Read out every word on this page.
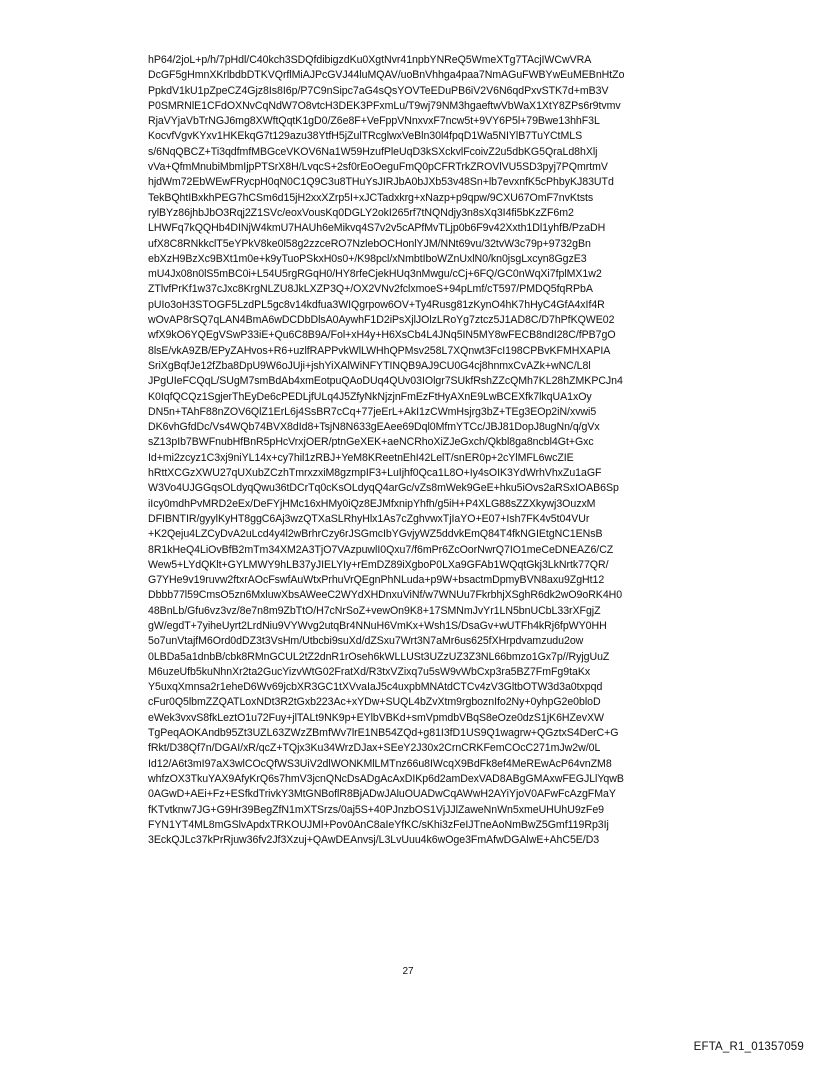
hP64/2joL+p/h/7pHdl/C40kch3SDQfdibigzdKu0XgtNvr41npbYNReQ5WmeXTg7TAcjIWCwVRA
DcGF5gHmnXKrlbdbDTKVQrflMiAJPcGVJ44luMQAV/uoBnVhhga4paa7NmAGuFWBYwEuMEBnHtZo
PpkdV1kU1pZpeCZ4Gjz8Is8I6p/P7C9nSipc7aG4sQsYOVTeEDuPB6iV2V6N6qdPxvSTK7d+mB3V
P0SMRNlE1CFdOXNvCqNdW7O8vtcH3DEK3PFxmLu/T9wj79NM3hgaeftwVbWaX1XtY8ZPs6r9tvmv
RjaVYjaVbTrNGJ6mg8XWftQqtK1gD0/Z6e8F+VeFppVNnxvxF7ncw5t+9VY6P5l+79Bwe13hhF3L
KocvfVgvKYxv1HKEkqG7t129azu38YtfH5jZulTRcglwxVeBln30l4fpqD1Wa5NIYlB7TuYCtMLS
s/6NqQBCZ+Ti3qdfmfMBGceVKOV6Na1W59HzufPleUqD3kSXckvlFcoivZ2u5dbKG5QraLd8hXlj
vVa+QfmMnubiMbmIjpPTSrX8H/LvqcS+2sf0rEoOeguFmQ0pCFRTrkZROVlVU5SD3pyj7PQmrtmV
hjdWm72EbWEwFRycpH0qN0C1Q9C3u8THuYsJIRJbA0bJXb53v48Sn+lb7evxnfK5cPhbyKJ83UTd
TekBQhtIBxkhPEG7hCSm6d15jH2xxXZrp5I+xJCTadxkrg+xNazp+p9qpw/9CXU67OmF7nvKtsts
rylBYz86jhbJbO3Rqj2Z1SVc/eoxVousKq0DGLY2okI265rf7tNQNdjy3n8sXq3I4fi5bKzZF6m2
LHWFq7kQQHb4DINjW4kmU7HAUh6eMikvq4S7v2v5cAPfMvTLjp0b6F9v42Xxth1Dl1yhfB/PzaDH
ufX8C8RNkkclT5eYPkV8ke0l58g2zzceRO7NzlebOCHonlYJM/NNt69vu/32tvW3c79p+9732gBn
ebXzH9BzXc9BXt1m0e+k9yTuoPSkxH0s0+/K98pcl/xNmbtIboWZnUxlN0/kn0jsgLxcyn8GgzE3
mU4Jx08n0lS5mBC0i+L54U5rgRGqH0/HY8rfeCjekHUq3nMwgu/cCj+6FQ/GC0nWqXi7fplMX1w2
ZTlvfPrKf1w37cJxc8KrgNLZU8JkLXZP3Q+/OX2VNv2fclxmoeS+94pLmf/cT597/PMDQ5fqRPbA
pUIo3oH3STOGF5LzdPL5gc8v14kdfua3WIQgrpow6OV+Ty4Rusg81zKynO4hK7hHyC4GfA4xIf4R
wOvAP8rSQ7qLAN4BmA6wDCDbDlsA0AywhF1D2iPsXjlJOlzLRoYg7ztcz5J1AD8C/D7hPfKQWE02
wfX9kO6YQEgVSwP33iE+Qu6C8B9A/Fol+xH4y+H6XsCb4L4JNq5IN5MY8wFECB8ndI28C/fPB7gO
8lsE/vkA9ZB/EPyZAHvos+R6+uzlfRAPPvkWlLWHhQPMsv258L7XQnwt3FcI198CPBvKFMHXAPIA
SriXgBqfJe12fZba8DpU9W6oJUji+jshYiXAlWiNFYTINQB9AJ9CU0G4cj8hnmxCvAZk+wNC/L8l
JPgUIeFCQqL/SUgM7smBdAb4xmEotpuQAoDUq4QUv03IOlgr7SUkfRshZZcQMh7KL28hZMKPCJn4
K0IqfQCQz1SgjerThEyDe6cPEDLjfULq4J5ZfyNkNjzjnFmEzFtHyAXnE9LwBCEXfk7lkqUA1xOy
DN5n+TAhF88nZOV6QlZ1ErL6j4SsBR7cCq+77jeErL+AkI1zCWmHsjrg3bZ+TEg3EOp2iN/xvwi5
DK6vhGfdDc/Vs4WQb74BVX8dId8+TsjN8N633gEAee69Dql0MfmYTCc/JBJ81DopJ8ugNn/q/gVx
sZ13pIb7BWFnubHfBnR5pHcVrxjOER/ptnGeXEK+aeNCRhoXiZJeGxch/Qkbl8ga8ncbl4Gt+Gxc
Id+mi2zcyz1C3xj9niYL14x+cy7hil1zRBJ+YeM8KReetnEhI42LelT/snER0p+2cYlMFL6wcZIE
hRttXCGzXWU27qUXubZCzhTmrxzxiM8gzmpIF3+LuIjhf0Qca1L8O+Iy4sOIK3YdWrhVhxZu1aGF
W3Vo4UJGGqsOLdyqQwu36tDCrTq0cKsOLdyqQ4arGc/vZs8mWek9GeE+hku5iOvs2aRSxIOAB6Sp
iIcy0mdhPvMRD2eEx/DeFYjHMc16xHMy0iQz8EJMfxnipYhfh/g5iH+P4XLG88sZZXkywj3OuzxM
DFIBNTIR/gyylKyHT8ggC6Aj3wzQTXaSLRhyHlx1As7cZghvwxTjIaYO+E07+Ish7FK4v5t04VUr
+K2Qeju4LZCyDvA2uLcd4y4l2wBrhrCzy6rJSGmcIbYGvjyWZ5ddvkEmQ84T4fkNGIEtgNC1ENsB
8R1kHeQ4LiOvBfB2mTm34XM2A3TjO7VAzpuwlI0Qxu7/f6mPr6ZcOorNwrQ7IO1meCeDNEAZ6/CZ
Wew5+LYdQKlt+GYLMWY9hLB37yJIELYIy+rEmDZ89iXgboP0LXa9GFAb1WQqtGkj3LkNrtk77QR/
G7YHe9v19ruvw2ftxrAOcFswfAuWtxPrhuVrQEgnPhNLuda+p9W+bsactmDpmyBVN8axu9ZgHt12
Dbbb77l59CmsO5zn6MxluwXbsAWeeC2WYdXHDnxuViNf/w7WNUu7FkrbhjXSghR6dk2wO9oRK4H0
48BnLb/Gfu6vz3vz/8e7n8m9ZbTtO/H7cNrSoZ+vewOn9K8+17SMNmJvYr1LN5bnUCbL33rXFgjZ
gW/egdT+7yiheUyrt2LrdNiu9VYWvg2utqBr4NNuH6VmKx+Wsh1S/DsaGv+wUTFh4kRj6fpWY0HH
5o7unVtajfM6Ord0dDZ3t3VsHm/Utbcbi9suXd/dZSxu7Wrt3N7aMr6us625fXHrpdvamzudu2ow
0LBDa5a1dnbB/cbk8RMnGCUL2tZ2dnR1rOseh6kWLLUSt3UZzUZ3Z3NL66bmzo1Gx7p//RyjgUuZ
M6uzeUfb5kuNhnXr2ta2GucYizvWtG02FratXd/R3txVZixq7u5sW9vWbCxp3ra5BZ7FmFg9taKx
Y5uxqXmnsa2r1eheD6Wv69jcbXR3GC1tXVvaIaJ5c4uxpbMNAtdCTCv4zV3GltbOTW3d3a0txpqd
cFur0Q5lbmZZQATLoxNDt3R2tGxb223Ac+xYDw+SUQL4bZvXtm9rgboznIfo2Ny+0yhpG2e0bloD
eWek3vxvS8fkLeztO1u72Fuy+jlTALt9NK9p+EYlbVBKd+smVpmdbVBqS8eOze0dzS1jK6HZevXW
TgPeqAOKAndb95Zt3UZL63ZWzZBmfWv7lrE1NB54ZQd+g81I3fD1US9Q1wagrw+QGztxS4DerC+G
fRkt/D38Qf7n/DGAI/xR/qcZ+TQjx3Ku34WrzDJax+SEeY2J30x2CrnCRKFemCOcC271mJw2w/0L
Id12/A6t3mI97aX3wlCOcQfWS3UiV2dlWONKMlLMTnz66u8IWcqX9BdFk8ef4MeREwAcP64vnZM8
whfzOX3TkuYAX9AfyKrQ6s7hmV3jcnQNcDsADgAcAxDIKp6d2amDexVAD8ABgGMAxwFEGJLlYqwB
0AGwD+AEi+Fz+ESfkdTrivkY3MtGNBoflR8BjADwJAluOUADwCqAWwH2AYiYjoV0AFwFcAzgFMaY
fKTvtknw7JG+G9Hr39BegZfN1mXTSrzs/0aj5S+40PJnzbOS1VjJJlZaweNnWn5xmeUHUhU9zFe9
FYN1YT4ML8mGSlvApdxTRKOUJMl+Pov0AnC8aIeYfKC/sKhi3zFeIJTneAoNmBwZ5Gmf119Rp3Ij
3EckQJLc37kPrRjuw36fv2Jf3Xzuj+QAwDEAnvsj/L3LvUuu4k6wOge3FmAfwDGAlwE+AhC5E/D3
27
EFTA_R1_01357059
